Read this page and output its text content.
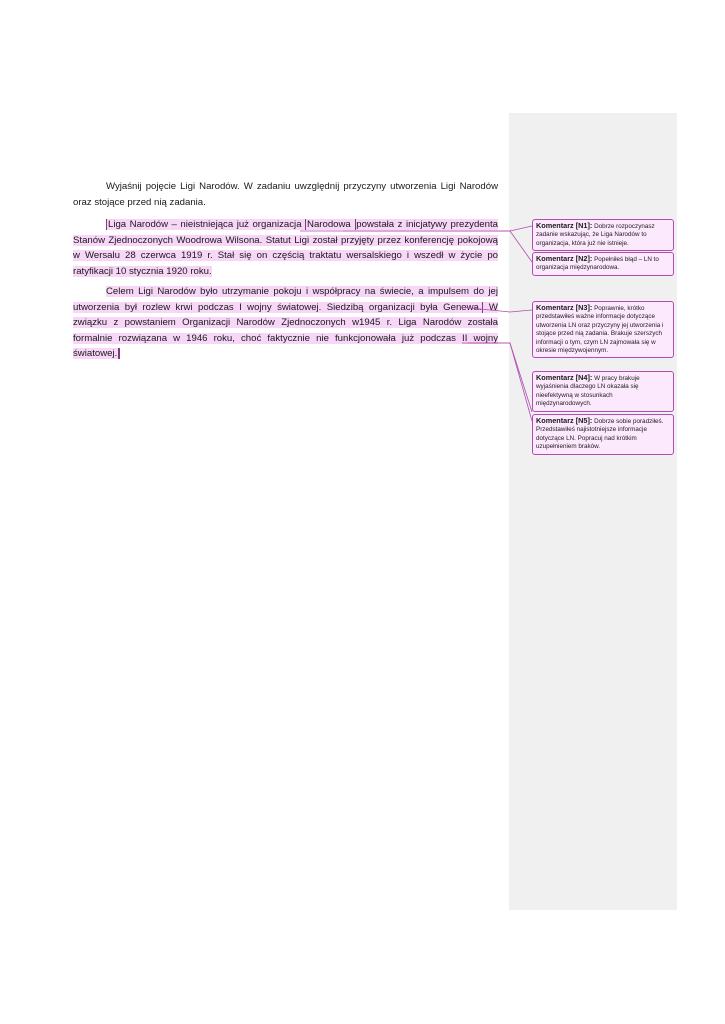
Wyjaśnij pojęcie Ligi Narodów. W zadaniu uwzględnij przyczyny utworzenia Ligi Narodów oraz stojące przed nią zadania.

Liga Narodów – nieistniejąca już organizacja Narodowa powstała z inicjatywy prezydenta Stanów Zjednoczonych Woodrowa Wilsona. Statut Ligi został przyjęty przez konferencję pokojową w Wersalu 28 czerwca 1919 r. Stał się on częścią traktatu wersalskiego i wszedł w życie po ratyfikacji 10 stycznia 1920 roku.

Celem Ligi Narodów było utrzymanie pokoju i współpracy na świecie, a impulsem do jej utworzenia był rozlew krwi podczas I wojny światowej. Siedzibą organizacji była Genewa. W związku z powstaniem Organizacji Narodów Zjednoczonych w1945 r. Liga Narodów została formalnie rozwiązana w 1946 roku, choć faktycznie nie funkcjonowała już podczas II wojny światowej.

Komentarz [N1]: Dobrze rozpoczynasz zadanie wskazując, że Liga Narodów to organizacja, która już nie istnieje.
Komentarz [N2]: Popełniłeś błąd – LN to organizacja międzynarodowa.
Komentarz [N3]: Poprawnie, krótko przedstawiłeś ważne informacje dotyczące utworzenia LN oraz przyczyny jej utworzenia i stojące przed nią zadania. Brakuje szerszych informacji o tym, czym LN zajmowała się w okresie międzywojennym.
Komentarz [N4]: W pracy brakuje wyjaśnienia dlaczego LN okazała się nieefektywną w stosunkach międzynarodowych.
Komentarz [N5]: Dobrze sobie poradziłeś. Przedstawiłeś najistotniejsze informacje dotyczące LN. Popracuj nad krótkim uzupełnieniem braków.
